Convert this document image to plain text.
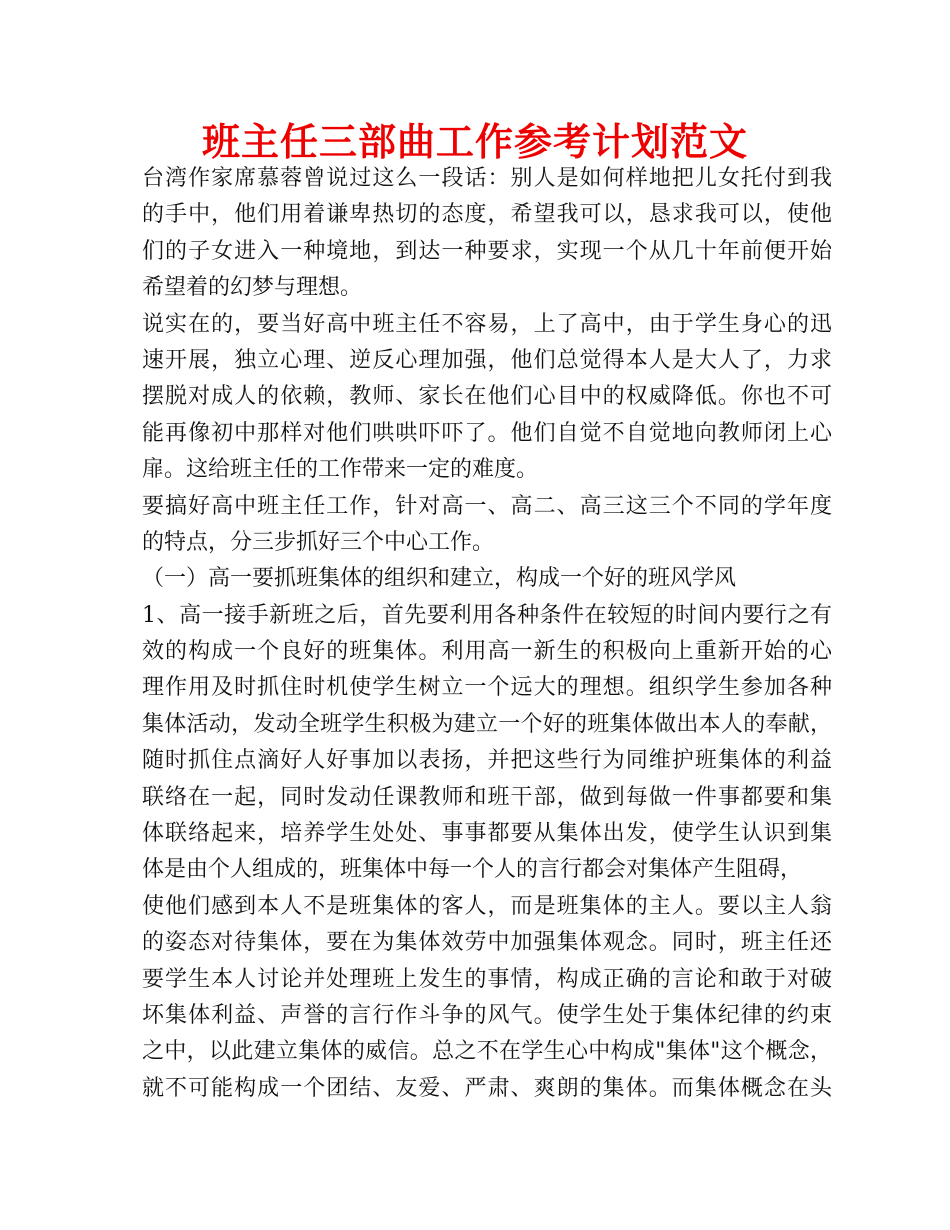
班主任三部曲工作参考计划范文
台湾作家席慕蓉曾说过这么一段话：别人是如何样地把儿女托付到我
的手中，他们用着谦卑热切的态度，希望我可以，恳求我可以，使他
们的子女进入一种境地，到达一种要求，实现一个从几十年前便开始
希望着的幻梦与理想。
说实在的，要当好高中班主任不容易，上了高中，由于学生身心的迅
速开展，独立心理、逆反心理加强，他们总觉得本人是大人了，力求
摆脱对成人的依赖，教师、家长在他们心目中的权威降低。你也不可
能再像初中那样对他们哄哄吓吓了。他们自觉不自觉地向教师闭上心
扉。这给班主任的工作带来一定的难度。
要搞好高中班主任工作，针对高一、高二、高三这三个不同的学年度
的特点，分三步抓好三个中心工作。
（一）高一要抓班集体的组织和建立，构成一个好的班风学风
1、高一接手新班之后，首先要利用各种条件在较短的时间内要行之有
效的构成一个良好的班集体。利用高一新生的积极向上重新开始的心
理作用及时抓住时机使学生树立一个远大的理想。组织学生参加各种
集体活动，发动全班学生积极为建立一个好的班集体做出本人的奉献，
随时抓住点滴好人好事加以表扬，并把这些行为同维护班集体的利益
联络在一起，同时发动任课教师和班干部，做到每做一件事都要和集
体联络起来，培养学生处处、事事都要从集体出发，使学生认识到集
体是由个人组成的，班集体中每一个人的言行都会对集体产生阻碍，
使他们感到本人不是班集体的客人，而是班集体的主人。要以主人翁
的姿态对待集体，要在为集体效劳中加强集体观念。同时，班主任还
要学生本人讨论并处理班上发生的事情，构成正确的言论和敢于对破
坏集体利益、声誉的言行作斗争的风气。使学生处于集体纪律的约束
之中，以此建立集体的威信。总之不在学生心中构成"集体"这个概念，
就不可能构成一个团结、友爱、严肃、爽朗的集体。而集体概念在头
